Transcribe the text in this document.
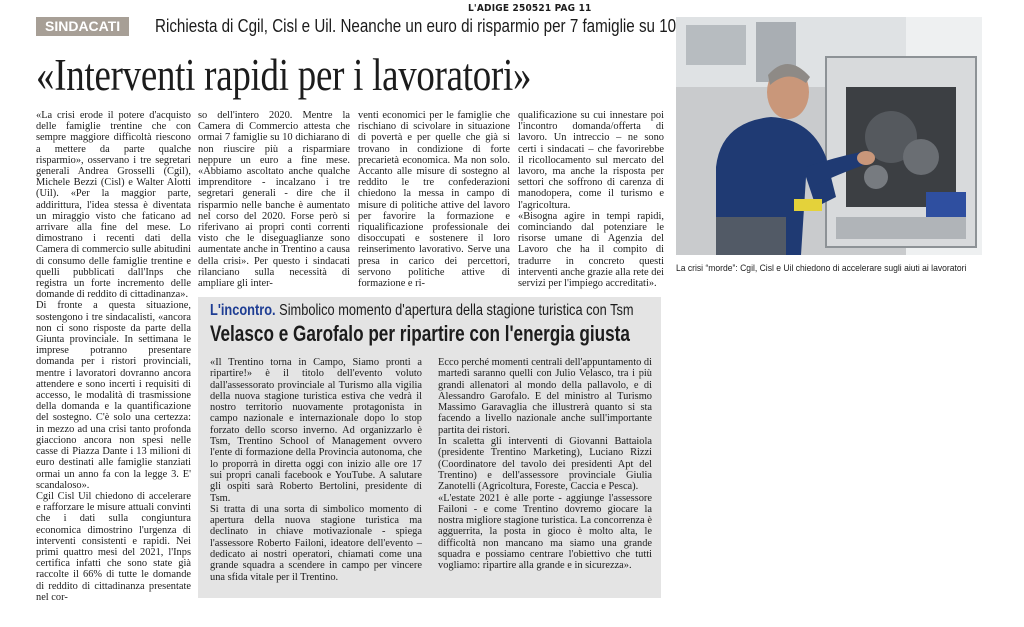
L'ADIGE 250521 PAG 11
SINDACATI	Richiesta di Cgil, Cisl e Uil. Neanche un euro di risparmio per 7 famiglie su 10
«Interventi rapidi per i lavoratori»

«La crisi erode il potere d'acquisto delle famiglie trentine che con sempre maggiore difficoltà riescono a mettere da parte qualche risparmio», osservano i tre segretari generali Andrea Grosselli (Cgil), Michele Bezzi (Cisl) e Walter Alotti (Uil). «Per la maggior parte, addirittura, l'idea stessa è diventata un miraggio visto che faticano ad arrivare alla fine del mese. Lo dimostrano i recenti dati della Camera di commercio sulle abitudini di consumo delle famiglie trentine e quelli pubblicati dall'Inps che registra un forte incremento delle domande di reddito di cittadinanza».

Di fronte a questa situazione, sostengono i tre sindacalisti, «ancora non ci sono risposte da parte della Giunta provinciale. In settimana le imprese potranno presentare domanda per i ristori provinciali, mentre i lavoratori dovranno ancora attendere e sono incerti i requisiti di accesso, le modalità di trasmissione della domanda e la quantificazione del sostegno. C'è solo una certezza: in mezzo ad una crisi tanto profonda giacciono ancora non spesi nelle casse di Piazza Dante i 13 milioni di euro destinati alle famiglie stanziati ormai un anno fa con la legge 3. E' scandaloso».

Cgil Cisl Uil chiedono di accelerare e rafforzare le misure attuali convinti che i dati sulla congiuntura economica dimostrino l'urgenza di interventi consistenti e rapidi. Nei primi quattro mesi del 2021, l'Inps certifica infatti che sono state già raccolte il 66% di tutte le domande di reddito di cittadinanza presentate nel cor-

so dell'intero 2020. Mentre la Camera di Commercio attesta che ormai 7 famiglie su 10 dichiarano di non riuscire più a risparmiare neppure un euro a fine mese. «Abbiamo ascoltato anche qualche imprenditore - incalzano i tre segretari generali - dire che il risparmio nelle banche è aumentato nel corso del 2020. Forse però si riferivano ai propri conti correnti visto che le diseguaglianze sono aumentate anche in Trentino a causa della crisi». Per questo i sindacati rilanciano sulla necessità di ampliare gli inter-

venti economici per le famiglie che rischiano di scivolare in situazione di povertà e per quelle che già si trovano in condizione di forte precarietà economica. Ma non solo. Accanto alle misure di sostegno al reddito le tre confederazioni chiedono la messa in campo di misure di politiche attive del lavoro per favorire la formazione e riqualificazione professionale dei disoccupati e sostenere il loro reinserimento lavorativo. Serve una presa in carico dei percettori, servono politiche attive di formazione e ri-

qualificazione su cui innestare poi l'incontro domanda/offerta di lavoro. Un intreccio – ne sono certi i sindacati – che favorirebbe il ricollocamento sul mercato del lavoro, ma anche la risposta per settori che soffrono di carenza di manodopera, come il turismo e l'agricoltura.

«Bisogna agire in tempi rapidi, cominciando dal potenziare le risorse umane di Agenzia del Lavoro che ha il compito di tradurre in concreto questi interventi anche grazie alla rete dei servizi per l'impiego accreditati».

La crisi “morde”: Cgil, Cisl e Uil chiedono di accelerare sugli aiuti ai lavoratori
L'incontro. Simbolico momento d'apertura della stagione turistica con Tsm
Velasco e Garofalo per ripartire con l'energia giusta

«Il Trentino torna in Campo, Siamo pronti a ripartire!» è il titolo dell'evento voluto dall'assessorato provinciale al Turismo alla vigilia della nuova stagione turistica estiva che vedrà il nostro territorio nuovamente protagonista in campo nazionale e internazionale dopo lo stop forzato dello scorso inverno. Ad organizzarlo è Tsm, Trentino School of Management ovvero l'ente di formazione della Provincia autonoma, che lo proporrà in diretta oggi con inizio alle ore 17 sui propri canali facebook e YouTube. A salutare gli ospiti sarà Roberto Bertolini, presidente di Tsm.

Si tratta di una sorta di simbolico momento di apertura della nuova stagione turistica ma declinato in chiave motivazionale - spiega l'assessore Roberto Failoni, ideatore dell'evento – dedicato ai nostri operatori, chiamati come una grande squadra a scendere in campo per vincere una sfida vitale per il Trentino.

Ecco perché momenti centrali dell'appuntamento di martedì saranno quelli con Julio Velasco, tra i più grandi allenatori al mondo della pallavolo, e di Alessandro Garofalo. E del ministro al Turismo Massimo Garavaglia che illustrerà quanto si sta facendo a livello nazionale anche sull'importante partita dei ristori.

In scaletta gli interventi di Giovanni Battaiola (presidente Trentino Marketing), Luciano Rizzi (Coordinatore del tavolo dei presidenti Apt del Trentino) e dell'assessore provinciale Giulia Zanotelli (Agricoltura, Foreste, Caccia e Pesca).

«L'estate 2021 è alle porte - aggiunge l'assessore Failoni - e come Trentino dovremo giocare la nostra migliore stagione turistica. La concorrenza è agguerrita, la posta in gioco è molto alta, le difficoltà non mancano ma siamo una grande squadra e possiamo centrare l'obiettivo che tutti vogliamo: ripartire alla grande e in sicurezza».
